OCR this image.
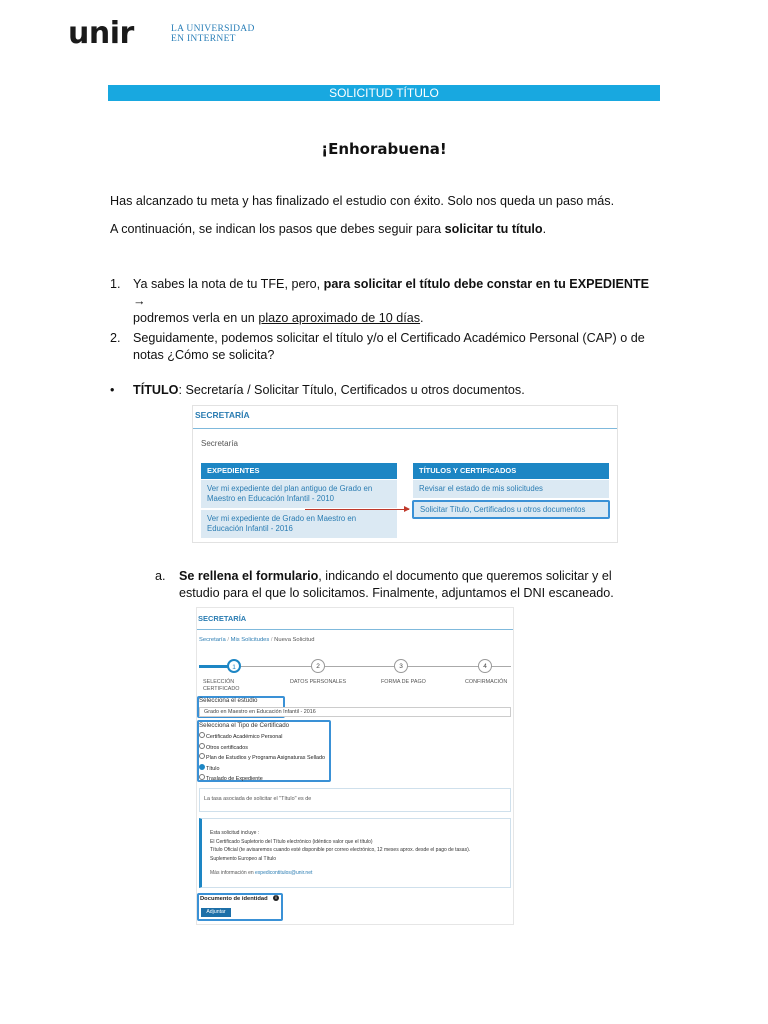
unir	LA UNIVERSIDAD
EN INTERNET
SOLICITUD TÍTULO
¡Enhorabuena!
Has alcanzado tu meta y has finalizado el estudio con éxito. Solo nos queda un paso más.
A continuación, se indican los pasos que debes seguir para solicitar tu título.
1. Ya sabes la nota de tu TFE, pero, para solicitar el título debe constar en tu EXPEDIENTE →
podremos verla en un plazo aproximado de 10 días.
2. Seguidamente, podemos solicitar el título y/o el Certificado Académico Personal (CAP) o de
notas ¿Cómo se solicita?
• TÍTULO: Secretaría / Solicitar Título, Certificados u otros documentos.
SECRETARÍA
Secretaría
EXPEDIENTES
Ver mi expediente del plan antiguo de Grado en Maestro en Educación Infantil - 2010
Ver mi expediente de Grado en Maestro en Educación Infantil - 2016
TÍTULOS Y CERTIFICADOS
Revisar el estado de mis solicitudes
Solicitar Título, Certificados u otros documentos
a. Se rellena el formulario, indicando el documento que queremos solicitar y el
estudio para el que lo solicitamos. Finalmente, adjuntamos el DNI escaneado.
SECRETARÍA
Secretaría / Mis Solicitudes / Nueva Solicitud
1	2	3	4
SELECCIÓN
CERTIFICADO
DATOS PERSONALES	FORMA DE PAGO	CONFIRMACIÓN
Selecciona el estudio
Grado en Maestro en Educación Infantil - 2016
Selecciona el Tipo de Certificado
Certificado Académico Personal
Otros certificados
Plan de Estudios y Programa Asignaturas Sellado
Título
Traslado de Expediente
La tasa asociada de solicitar el "Título" es de
Esta solicitud incluye :
El Certificado Supletorio del Título electrónico (idéntico valor que el título)
Título Oficial (te avisaremos cuando esté disponible por correo electrónico, 12 meses aprox. desde el pago de tasas).
Suplemento Europeo al Título
Más información en expedicontitulos@unir.net
Documento de identidad	i
Adjuntar
